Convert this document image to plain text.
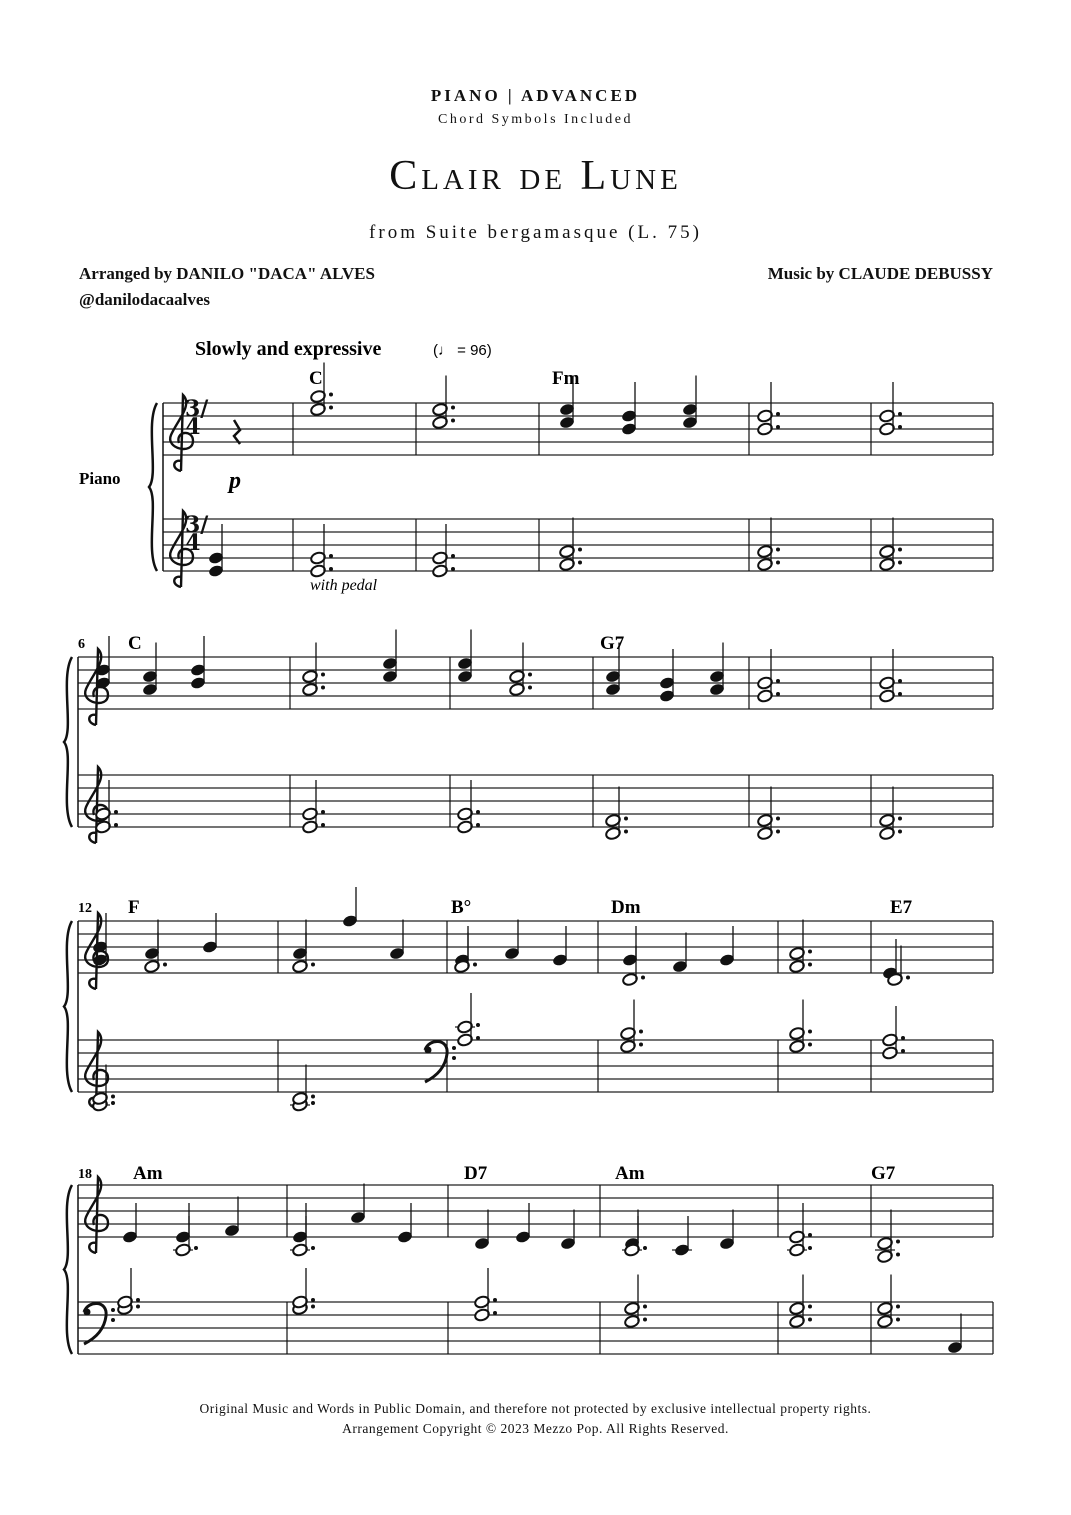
PIANO | ADVANCED
Chord Symbols Included
Clair de Lune
from Suite bergamasque (L. 75)
Arranged by DANILO "DACA" ALVES
@danilodacaalves
Music by CLAUDE DEBUSSY
Slowly and expressive	(♩ = 96)
Piano	p
with pedal
C	Fm
6 C	G7
12 F	B°	Dm	E7
18 Am	D7	Am	G7
3/4
3/4
Original Music and Words in Public Domain, and therefore not protected by exclusive intellectual property rights.
Arrangement Copyright © 2023 Mezzo Pop. All Rights Reserved.
